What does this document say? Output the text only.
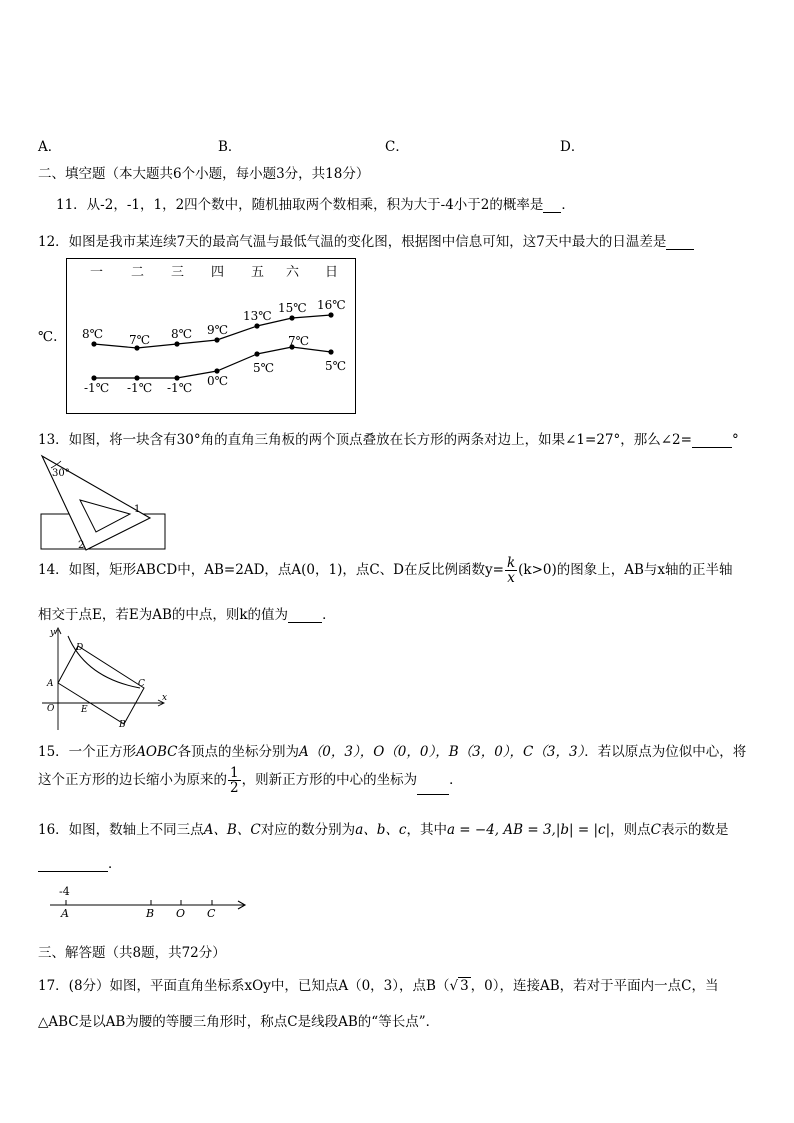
A．	B．	C．	D．
二、填空题（本大题共6个小题，每小题3分，共18分）
11．从-2，-1，1，2四个数中，随机抽取两个数相乘，积为大于-4小于2的概率是 ．
12．如图是我市某连续7天的最高气温与最低气温的变化图，根据图中信息可知，这7天中最大的日温差是
℃.
一 二 三 四 五 六 日
8℃ 7℃ 8℃ 9℃
13℃
15℃ 16℃
-1℃ -1℃ -1℃ 0℃
5℃
7℃
5℃
13．如图，将一块含有30°角的直角三角板的两个顶点叠放在长方形的两条对边上，如果∠1=27°，那么∠2=	°
30°
1
2
14．如图，矩形ABCD中，AB=2AD，点A(0，1)，点C、D在反比例函数$y= \frac{k}{x} (k>0)$的图象上，AB与x轴的正半轴
相交于点E，若E为AB的中点，则k的值为	．
y
x
D
A	C
O	E
B
15．一个正方形AOBC各顶点的坐标分别为A（0，3），O（0，0），B（3，0），C（3，3）．若以原点为位似中心，将
这个正方形的边长缩小为原来的 $\frac{1}{2}$ ，则新正方形的中心的坐标为 ．
16．如图，数轴上不同三点A、B、C对应的数分别为a、b、c，其中a = −4, AB = 3,|b| = |c|，则点C表示的数是
．
-4
A	B O C
三、解答题（共8题，共72分）
17．(8分）如图，平面直角坐标系xOy中，已知点A（0，3），点B（√ 3 ，0），连接AB，若对于平面内一点C，当
△ABC是以AB为腰的等腰三角形时，称点C是线段AB的“等长点”．
